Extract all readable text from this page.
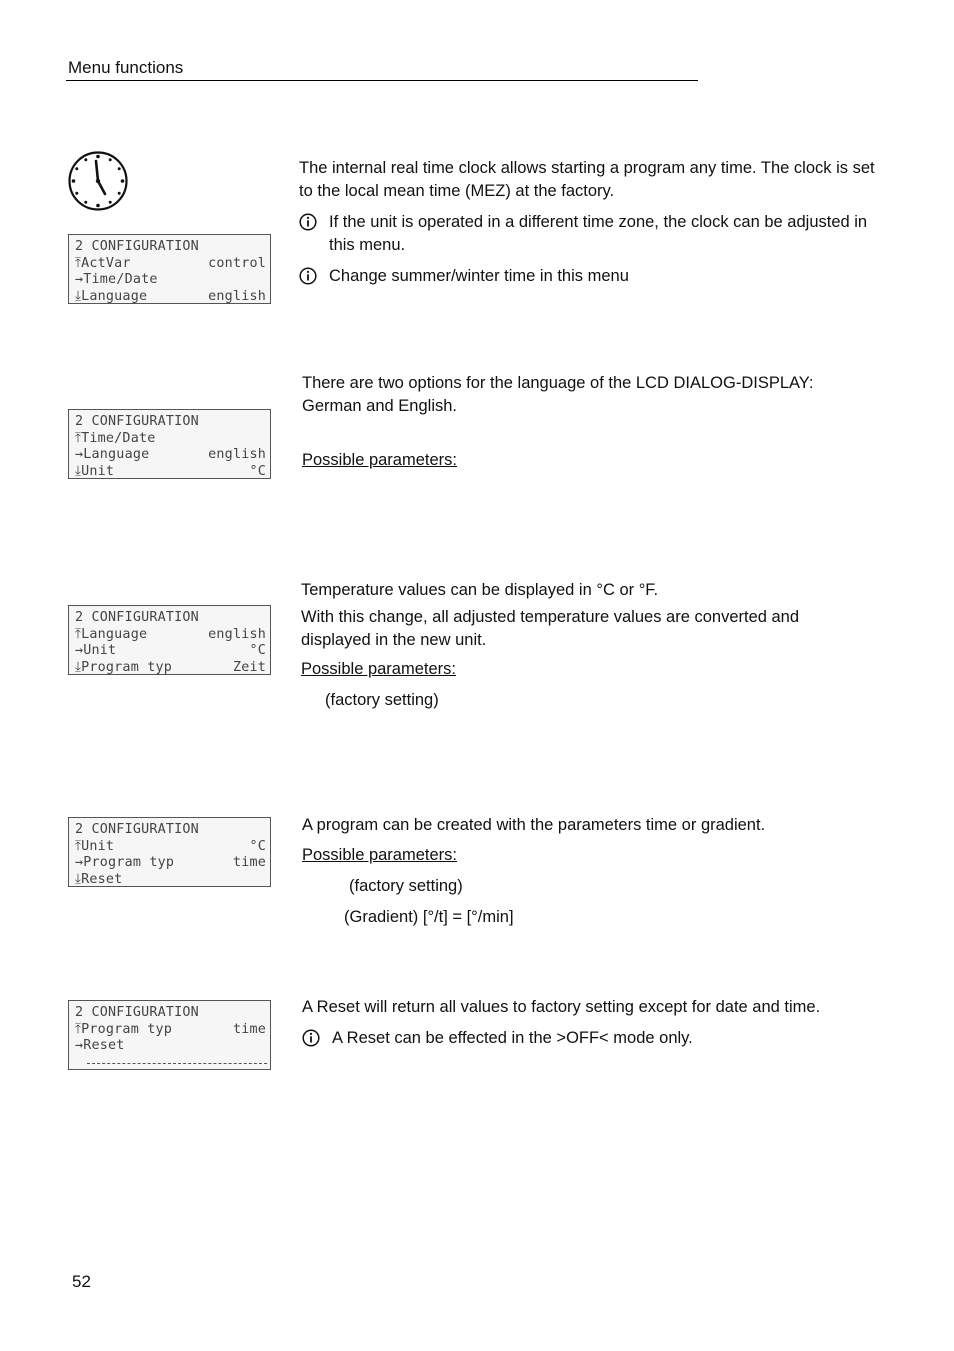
Menu functions
2 CONFIGURATION
⤒ActVar	control
→Time/Date
⤓Language	english

The internal real time clock allows starting a program any time. The clock is set to the local mean time (MEZ) at the factory.

If the unit is operated in a different time zone, the clock can be adjusted in this menu.
Change summer/winter time in this menu
2 CONFIGURATION
⤒Time/Date
→Language	english
⤓Unit	°C

There are two options for the language of the LCD DIALOG-DISPLAY: German and English.

Possible parameters:

2 CONFIGURATION
⤒Language	english
→Unit	°C
⤓Program typ	Zeit

Temperature values can be displayed in °C or °F.

With this change, all adjusted temperature values are converted and displayed in the new unit.

Possible parameters:

(factory setting)

2 CONFIGURATION
⤒Unit	°C
→Program typ	time
⤓Reset

A program can be created with the parameters time or gradient.

Possible parameters:

(factory setting)

(Gradient) [°/t] = [°/min]

2 CONFIGURATION
⤒Program typ	time
→Reset

A Reset will return all values to factory setting except for date and time.

A Reset can be effected in the >OFF< mode only.
52
